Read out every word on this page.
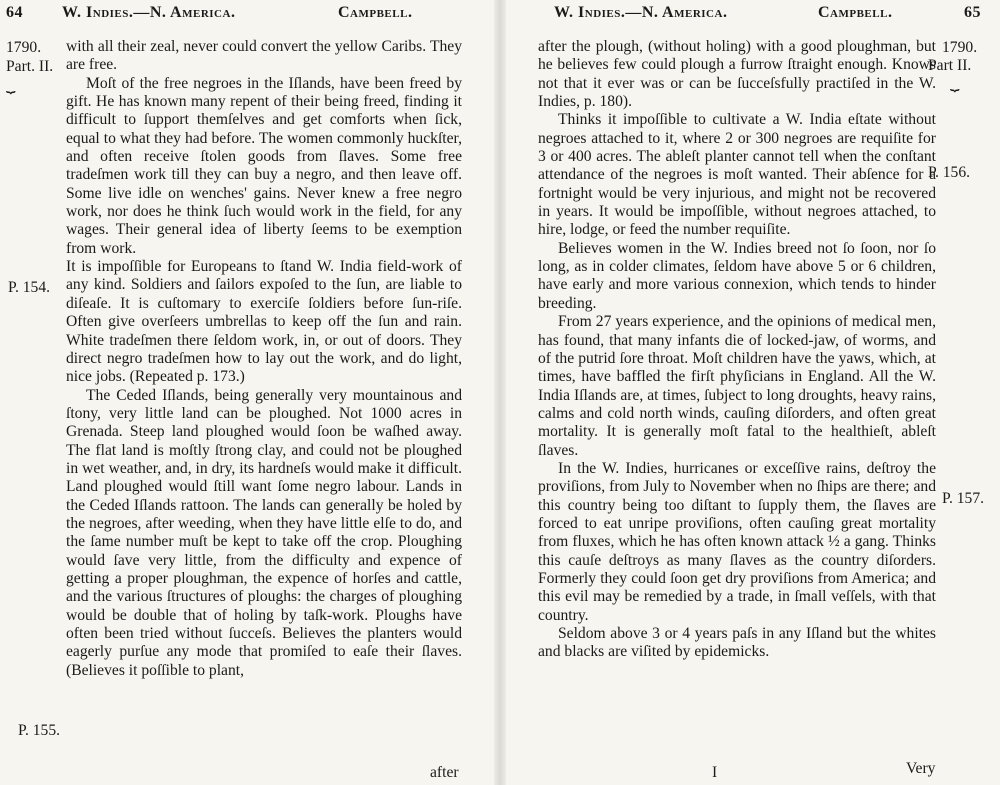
64 W. Indies.—N. America.	Campbell.
1790.
Part. II.
⏟
P. 154.
P. 155.

with all their zeal, never could convert the yellow Caribs. They are free.

Moſt of the free negroes in the Iſlands, have been freed by gift. He has known many repent of their being freed, finding it difficult to ſupport themſelves and get comforts when ſick, equal to what they had before. The women commonly huckſter, and often receive ſtolen goods from ſlaves. Some free tradeſmen work till they can buy a negro, and then leave off. Some live idle on wenches' gains. Never knew a free negro work, nor does he think ſuch would work in the field, for any wages. Their general idea of liberty ſeems to be exemption from work.

It is impoſſible for Europeans to ſtand W. India field-work of any kind. Soldiers and ſailors expoſed to the ſun, are liable to diſeaſe. It is cuſtomary to exerciſe ſoldiers before ſun-riſe. Often give overſeers umbrellas to keep off the ſun and rain. White tradeſmen there ſeldom work, in, or out of doors. They direct negro tradeſmen how to lay out the work, and do light, nice jobs. (Repeated p. 173.)

The Ceded Iſlands, being generally very mountainous and ſtony, very little land can be ploughed. Not 1000 acres in Grenada. Steep land ploughed would ſoon be waſhed away. The flat land is moſtly ſtrong clay, and could not be ploughed in wet weather, and, in dry, its hardneſs would make it difficult. Land ploughed would ſtill want ſome negro labour. Lands in the Ceded Iſlands rattoon. The lands can generally be holed by the negroes, after weeding, when they have little elſe to do, and the ſame number muſt be kept to take off the crop. Ploughing would ſave very little, from the difficulty and expence of getting a proper ploughman, the expence of horſes and cattle, and the various ſtructures of ploughs: the charges of ploughing would be double that of holing by taſk-work. Ploughs have often been tried without ſucceſs. Believes the planters would eagerly purſue any mode that promiſed to eaſe their ſlaves. (Believes it poſſible to plant,

after
W. Indies.—N. America.	Campbell.	65
1790.
Part II.
⏟
P. 156.
P. 157.

after the plough, (without holing) with a good ploughman, but he believes few could plough a furrow ſtraight enough. Knows not that it ever was or can be ſucceſsfully practiſed in the W. Indies, p. 180).

Thinks it impoſſible to cultivate a W. India eſtate without negroes attached to it, where 2 or 300 negroes are requiſite for 3 or 400 acres. The ableſt planter cannot tell when the conſtant attendance of the negroes is moſt wanted. Their abſence for a fortnight would be very injurious, and might not be recovered in years. It would be impoſſible, without negroes attached, to hire, lodge, or feed the number requiſite.

Believes women in the W. Indies breed not ſo ſoon, nor ſo long, as in colder climates, ſeldom have above 5 or 6 children, have early and more various connexion, which tends to hinder breeding.

From 27 years experience, and the opinions of medical men, has found, that many infants die of locked-jaw, of worms, and of the putrid ſore throat. Moſt children have the yaws, which, at times, have baffled the firſt phyſicians in England. All the W. India Iſlands are, at times, ſubject to long droughts, heavy rains, calms and cold north winds, cauſing diſorders, and often great mortality. It is generally moſt fatal to the healthieſt, ableſt ſlaves.

In the W. Indies, hurricanes or exceſſive rains, deſtroy the proviſions, from July to November when no ſhips are there; and this country being too diſtant to ſupply them, the ſlaves are forced to eat unripe proviſions, often cauſing great mortality from fluxes, which he has often known attack ½ a gang. Thinks this cauſe deſtroys as many ſlaves as the country diſorders. Formerly they could ſoon get dry proviſions from America; and this evil may be remedied by a trade, in ſmall veſſels, with that country.

Seldom above 3 or 4 years paſs in any Iſland but the whites and blacks are viſited by epidemicks.

I	Very
